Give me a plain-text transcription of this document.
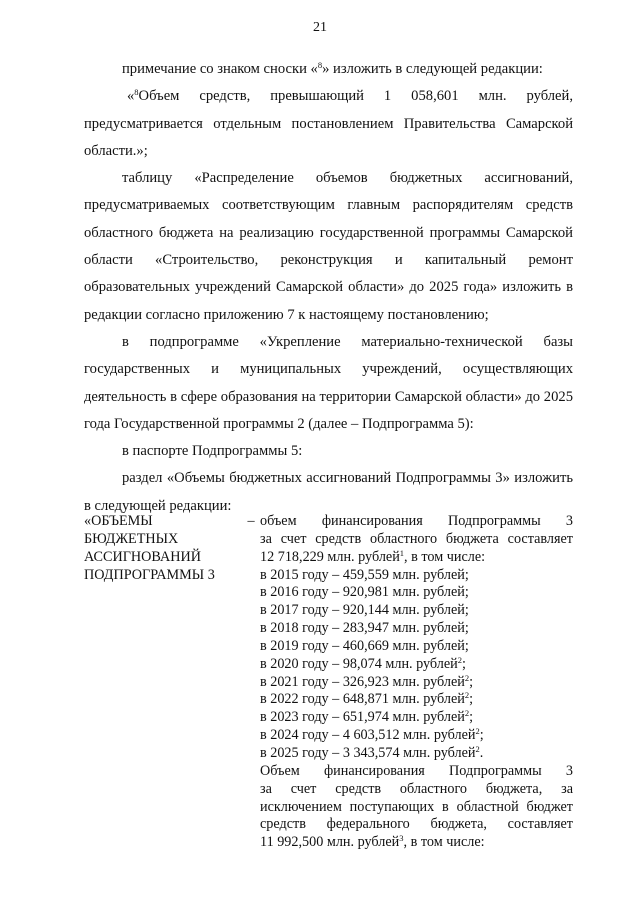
21

примечание со знаком сноски «$^8$» изложить в следующей редакции:

«$^8$Объем средств, превышающий 1 058,601 млн. рублей, предусматривается отдельным постановлением Правительства Самарской области.»;

таблицу «Распределение объемов бюджетных ассигнований, предусматриваемых соответствующим главным распорядителям средств областного бюджета на реализацию государственной программы Самарской области «Строительство, реконструкция и капитальный ремонт образовательных учреждений Самарской области» до 2025 года» изложить в редакции согласно приложению 7 к настоящему постановлению;

в подпрограмме «Укрепление материально-технической базы государственных и муниципальных учреждений, осуществляющих деятельность в сфере образования на территории Самарской области» до 2025 года Государственной программы 2 (далее – Подпрограмма 5):

в паспорте Подпрограммы 5:

раздел «Объемы бюджетных ассигнований Подпрограммы 3» изложить в следующей редакции:

«ОБЪЕМЫ
БЮДЖЕТНЫХ
АССИГНОВАНИЙ
ПОДПРОГРАММЫ 3
– объем финансирования Подпрограммы 3
за счет средств областного бюджета составляет
12 718,229 млн. рублей$^1$, в том числе:
в 2015 году – 459,559 млн. рублей;
в 2016 году – 920,981 млн. рублей;
в 2017 году – 920,144 млн. рублей;
в 2018 году – 283,947 млн. рублей;
в 2019 году – 460,669 млн. рублей;
в 2020 году – 98,074 млн. рублей$^2$;
в 2021 году – 326,923 млн. рублей$^2$;
в 2022 году – 648,871 млн. рублей$^2$;
в 2023 году – 651,974 млн. рублей$^2$;
в 2024 году – 4 603,512 млн. рублей$^2$;
в 2025 году – 3 343,574 млн. рублей$^2$.
Объем финансирования Подпрограммы 3
за счет средств областного бюджета, за
исключением поступающих в областной бюджет
средств федерального бюджета, составляет
11 992,500 млн. рублей$^3$, в том числе:
